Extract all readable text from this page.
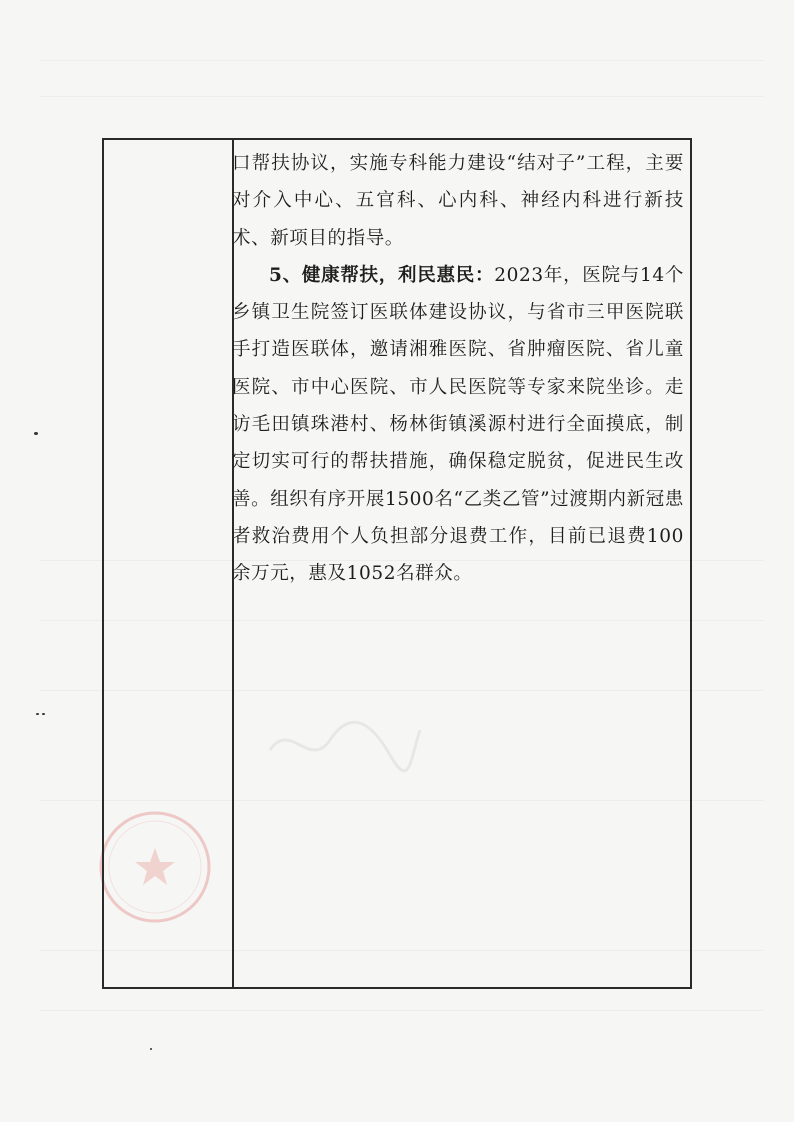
口帮扶协议，实施专科能力建设“结对子”工程，主要对介入中心、五官科、心内科、神经内科进行新技术、新项目的指导。

5、健康帮扶，利民惠民：2023年，医院与14个乡镇卫生院签订医联体建设协议，与省市三甲医院联手打造医联体，邀请湘雅医院、省肿瘤医院、省儿童医院、市中心医院、市人民医院等专家来院坐诊。走访毛田镇珠港村、杨林街镇溪源村进行全面摸底，制定切实可行的帮扶措施，确保稳定脱贫，促进民生改善。组织有序开展1500名“乙类乙管”过渡期内新冠患者救治费用个人负担部分退费工作，目前已退费100余万元，惠及1052名群众。
